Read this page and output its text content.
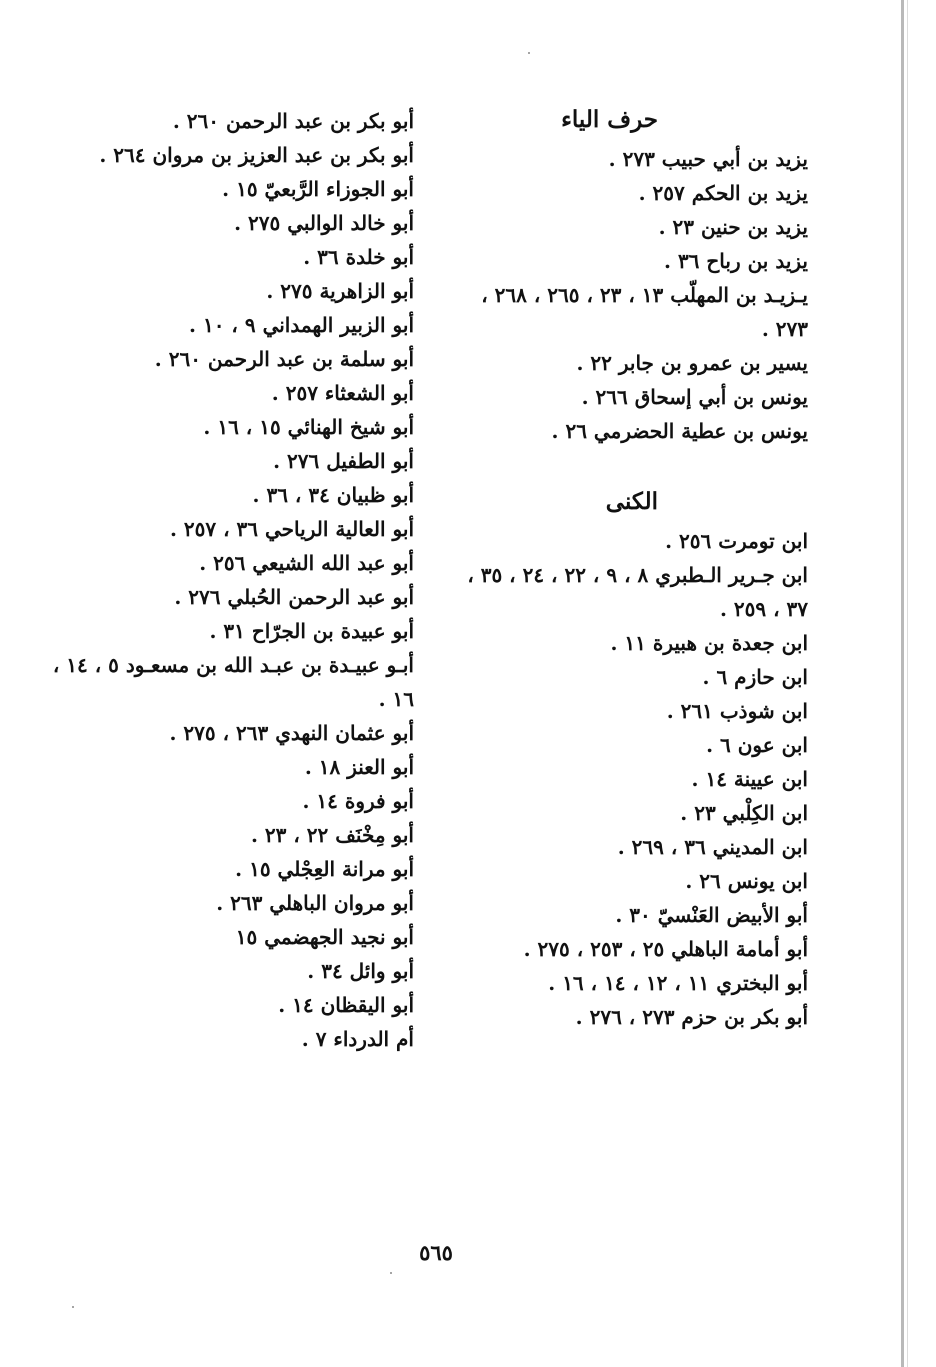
حرف الياء
يزيد بن أبي حبيب ٢٧٣ .
يزيد بن الحكم ٢٥٧ .
يزيد بن حنين ٢٣ .
يزيد بن رباح ٣٦ .
يـزيـد بن المهلّب ١٣ ، ٢٣ ، ٢٦٥ ، ٢٦٨ ، ٢٧٣ .
يسير بن عمرو بن جابر ٢٢ .
يونس بن أبي إسحاق ٢٦٦ .
يونس بن عطية الحضرمي ٢٦ .
الكنى
ابن تومرت ٢٥٦ .
ابن جـرير الـطبري ٨ ، ٩ ، ٢٢ ، ٢٤ ، ٣٥ ، ٣٧ ، ٢٥٩ .
ابن جعدة بن هبيرة ١١ .
ابن حازم ٦ .
ابن شوذب ٢٦١ .
ابن عون ٦ .
ابن عيينة ١٤ .
ابن الكِلْبي ٢٣ .
ابن المديني ٣٦ ، ٢٦٩ .
ابن يونس ٢٦ .
أبو الأبيض العَنْسيّ ٣٠ .
أبو أمامة الباهلي ٢٥ ، ٢٥٣ ، ٢٧٥ .
أبو البختري ١١ ، ١٢ ، ١٤ ، ١٦ .
أبو بكر بن حزم ٢٧٣ ، ٢٧٦ .
أبو بكر بن عبد الرحمن ٢٦٠ .
أبو بكر بن عبد العزيز بن مروان ٢٦٤ .
أبو الجوزاء الرَّبعيّ ١٥ .
أبو خالد الوالبي ٢٧٥ .
أبو خلدة ٣٦ .
أبو الزاهرية ٢٧٥ .
أبو الزبير الهمداني ٩ ، ١٠ .
أبو سلمة بن عبد الرحمن ٢٦٠ .
أبو الشعثاء ٢٥٧ .
أبو شيخ الهنائي ١٥ ، ١٦ .
أبو الطفيل ٢٧٦ .
أبو ظبيان ٣٤ ، ٣٦ .
أبو العالية الرياحي ٣٦ ، ٢٥٧ .
أبو عبد الله الشيعي ٢٥٦ .
أبو عبد الرحمن الحُبلي ٢٧٦ .
أبو عبيدة بن الجرّاح ٣١ .
أبـو عبيـدة بن عبـد الله بن مسعـود ٥ ، ١٤ ، ١٦ .
أبو عثمان النهدي ٢٦٣ ، ٢٧٥ .
أبو العنز ١٨ .
أبو فروة ١٤ .
أبو مِخْنَف ٢٢ ، ٢٣ .
أبو مرانة العِجْلي ١٥ .
أبو مروان الباهلي ٢٦٣ .
أبو نجيد الجهضمي ١٥
أبو وائل ٣٤ .
أبو اليقظان ١٤ .
أم الدرداء ٧ .
٥٦٥
